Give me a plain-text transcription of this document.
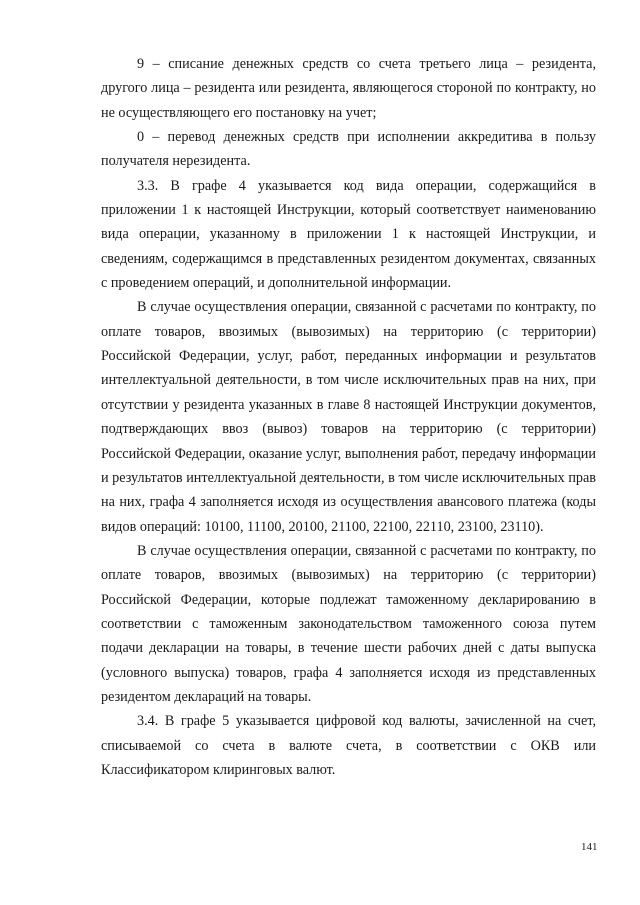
9 – списание денежных средств со счета третьего лица – резидента, другого лица – резидента или резидента, являющегося стороной по контракту, но не осуществляющего его постановку на учет;

0 – перевод денежных средств при исполнении аккредитива в пользу получателя нерезидента.

3.3. В графе 4 указывается код вида операции, содержащийся в приложении 1 к настоящей Инструкции, который соответствует наименованию вида операции, указанному в приложении 1 к настоящей Инструкции, и сведениям, содержащимся в представленных резидентом документах, связанных с проведением операций, и дополнительной информации.

В случае осуществления операции, связанной с расчетами по контракту, по оплате товаров, ввозимых (вывозимых) на территорию (с территории) Российской Федерации, услуг, работ, переданных информации и результатов интеллектуальной деятельности, в том числе исключительных прав на них, при отсутствии у резидента указанных в главе 8 настоящей Инструкции документов, подтверждающих ввоз (вывоз) товаров на территорию (с территории) Российской Федерации, оказание услуг, выполнения работ, передачу информации и результатов интеллектуальной деятельности, в том числе исключительных прав на них, графа 4 заполняется исходя из осуществления авансового платежа (коды видов операций: 10100, 11100, 20100, 21100, 22100, 22110, 23100, 23110).

В случае осуществления операции, связанной с расчетами по контракту, по оплате товаров, ввозимых (вывозимых) на территорию (с территории) Российской Федерации, которые подлежат таможенному декларированию в соответствии с таможенным законодательством таможенного союза путем подачи декларации на товары, в течение шести рабочих дней с даты выпуска (условного выпуска) товаров, графа 4 заполняется исходя из представленных резидентом деклараций на товары.

3.4. В графе 5 указывается цифровой код валюты, зачисленной на счет, списываемой со счета в валюте счета, в соответствии с ОКВ или Классификатором клиринговых валют.

141
